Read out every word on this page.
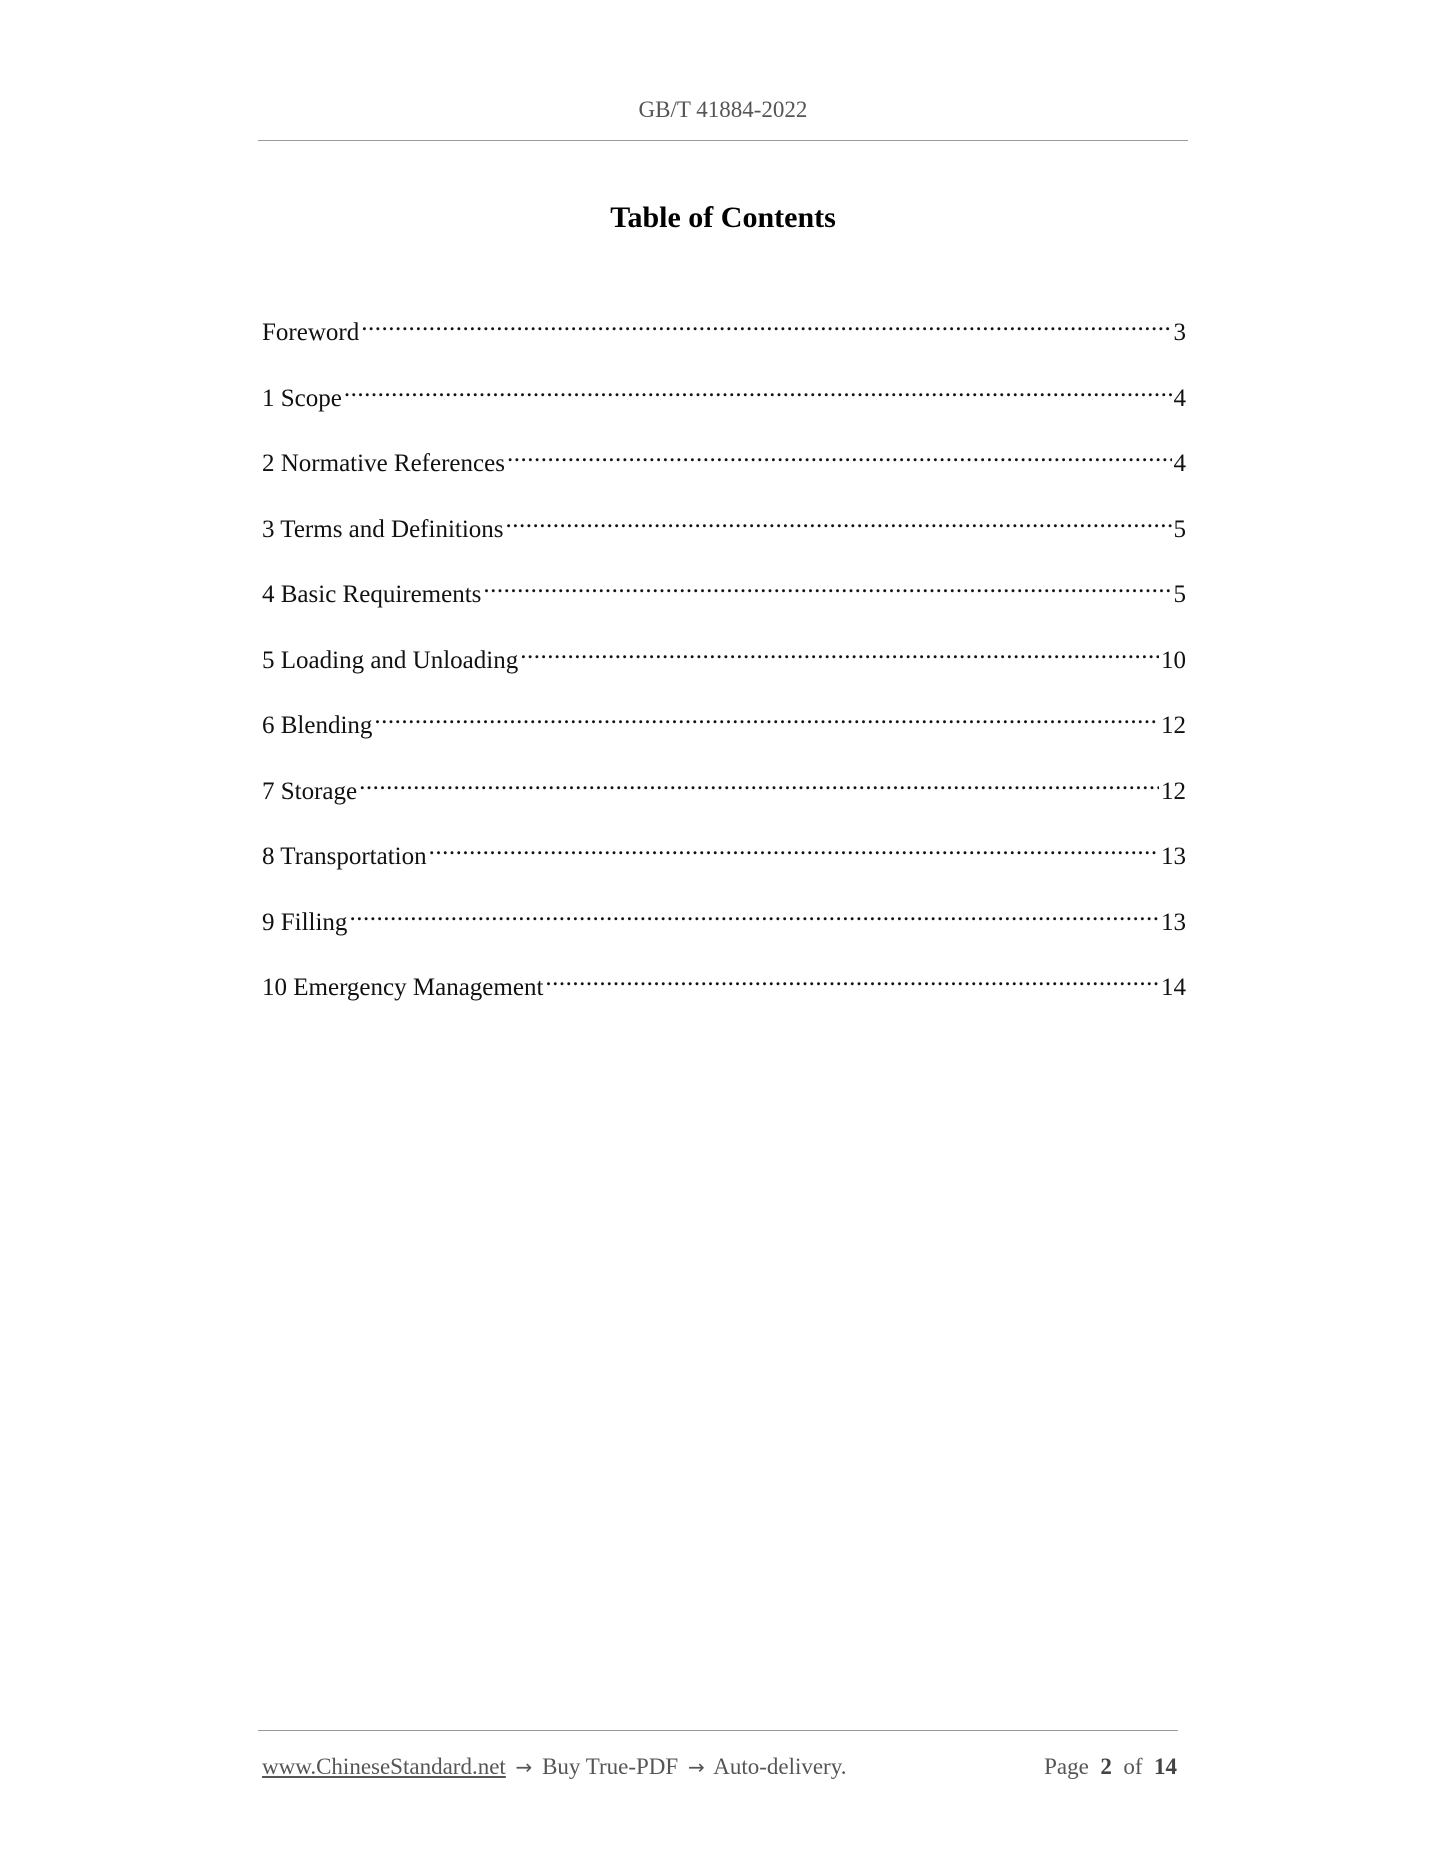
GB/T 41884-2022
Table of Contents
Foreword .....	3
1 Scope .....	4
2 Normative References .....	4
3 Terms and Definitions .....	5
4 Basic Requirements .....	5
5 Loading and Unloading .....	10
6 Blending .....	12
7 Storage .....	12
8 Transportation .....	13
9 Filling .....	13
10 Emergency Management .....	14
www.ChineseStandard.net → Buy True-PDF → Auto-delivery.	Page 2 of 14
